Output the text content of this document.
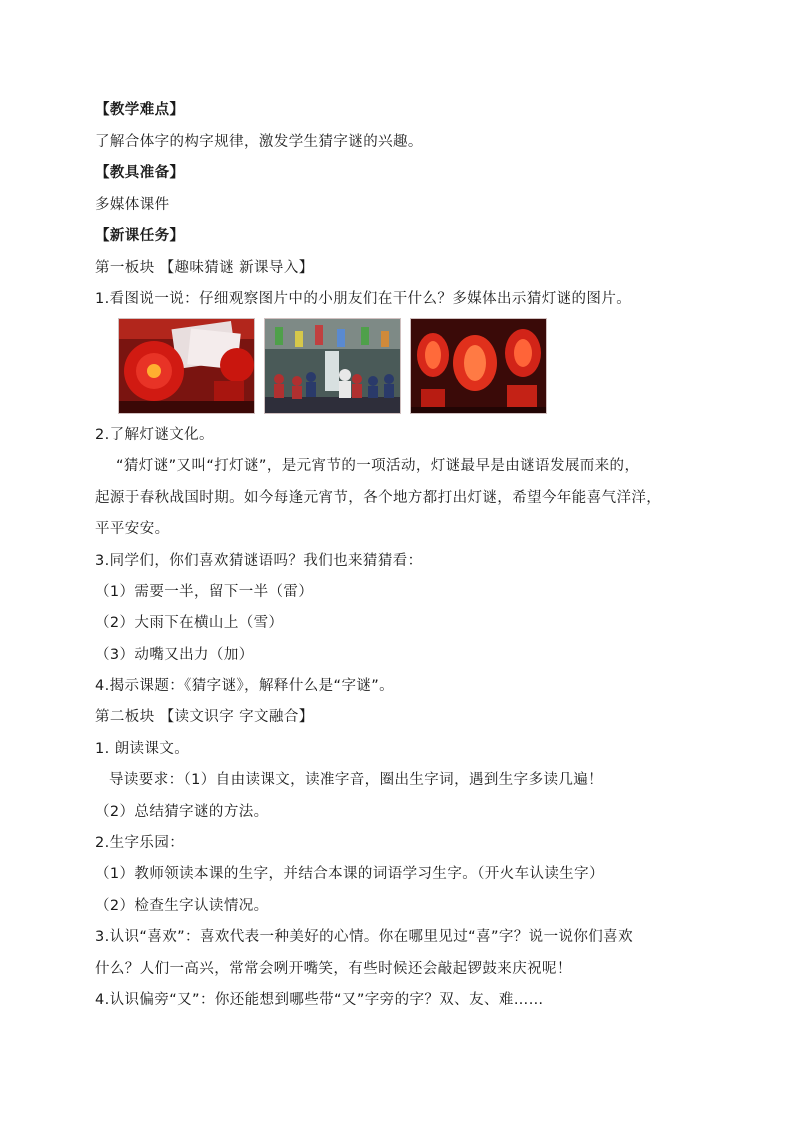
【教学难点】
了解合体字的构字规律，激发学生猜字谜的兴趣。
【教具准备】
多媒体课件
【新课任务】
第一板块 【趣味猜谜 新课导入】
1.看图说一说：仔细观察图片中的小朋友们在干什么？多媒体出示猜灯谜的图片。
2.了解灯谜文化。
“猜灯谜”又叫“打灯谜”，是元宵节的一项活动，灯谜最早是由谜语发展而来的，
起源于春秋战国时期。如今每逢元宵节，各个地方都打出灯谜，希望今年能喜气洋洋，
平平安安。
3.同学们，你们喜欢猜谜语吗？我们也来猜猜看：
（1）需要一半，留下一半（雷）
（2）大雨下在横山上（雪）
（3）动嘴又出力（加）
4.揭示课题：《猜字谜》，解释什么是“字谜”。
第二板块 【读文识字 字文融合】
1. 朗读课文。
导读要求：（1）自由读课文，读准字音，圈出生字词，遇到生字多读几遍！
（2）总结猜字谜的方法。
2.生字乐园：
（1）教师领读本课的生字，并结合本课的词语学习生字。（开火车认读生字）
（2）检查生字认读情况。
3.认识“喜欢”：喜欢代表一种美好的心情。你在哪里见过“喜”字？说一说你们喜欢
什么？人们一高兴，常常会咧开嘴笑，有些时候还会敲起锣鼓来庆祝呢！
4.认识偏旁“又”：你还能想到哪些带“又”字旁的字？双、友、难……
